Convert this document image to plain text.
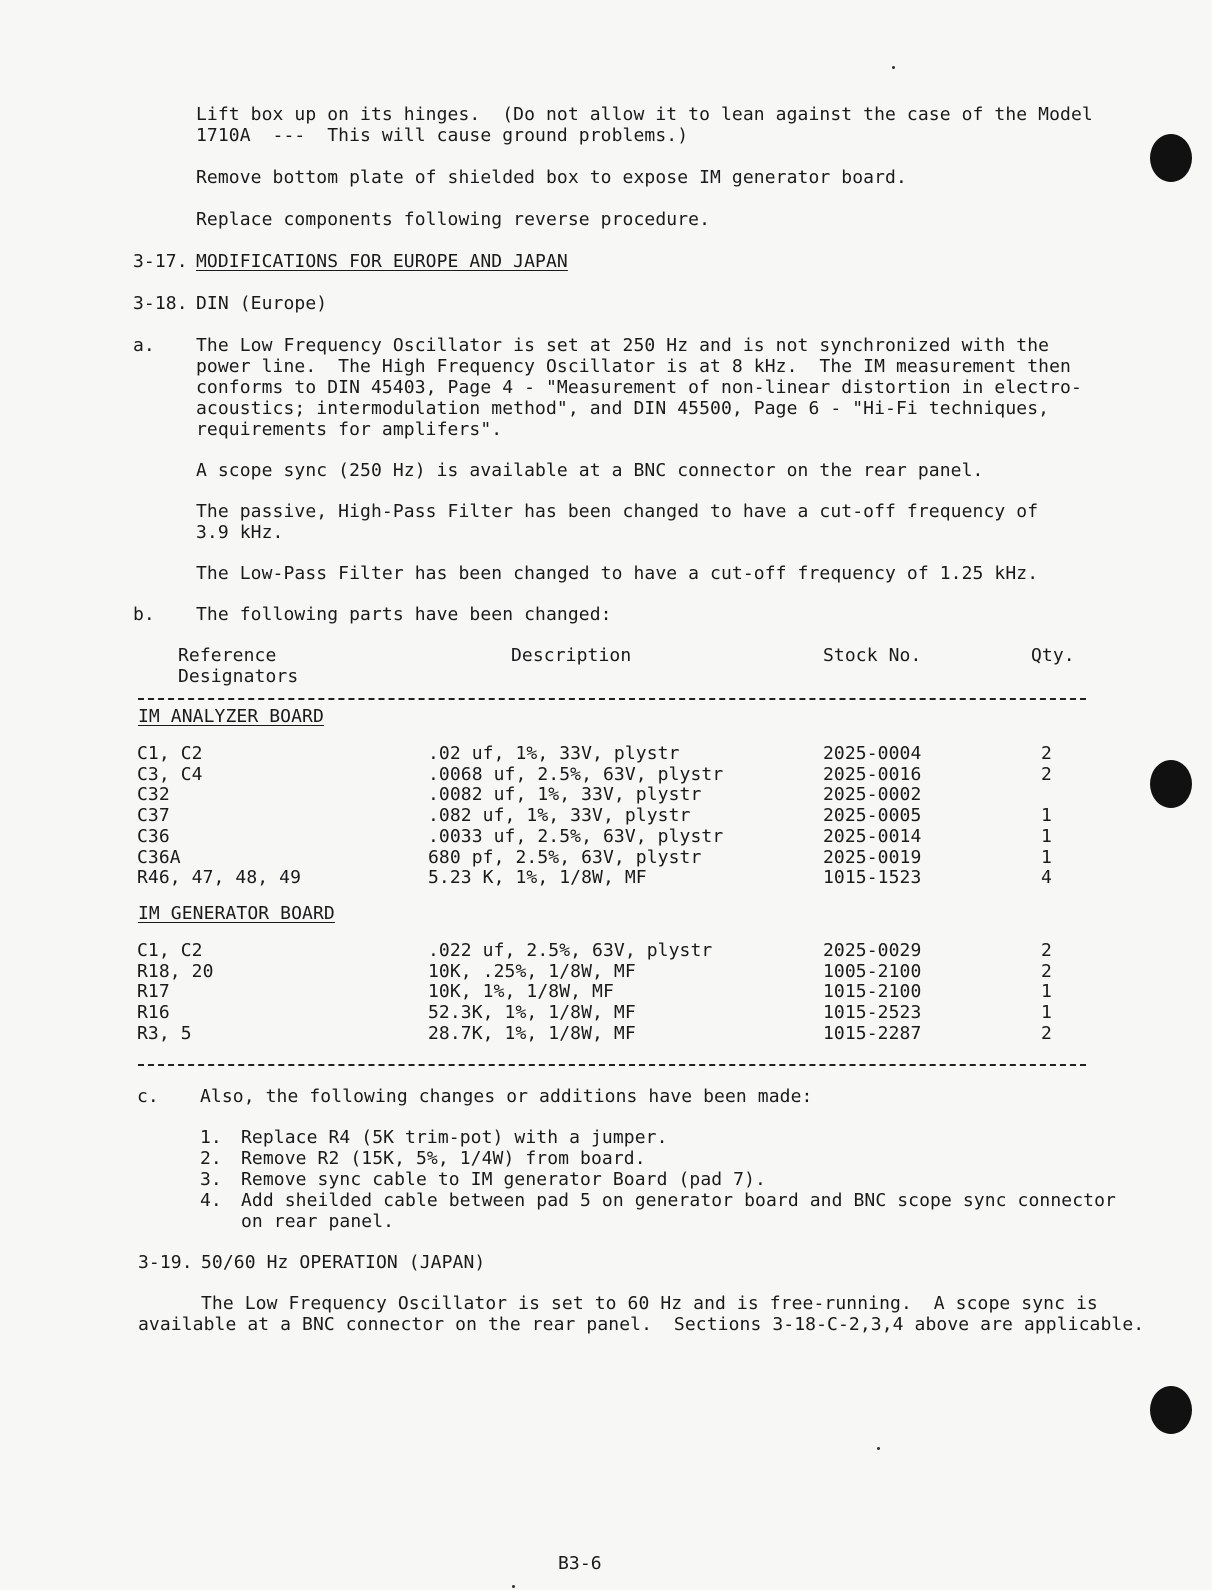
Lift box up on its hinges.  (Do not allow it to lean against the case of the Model
1710A  ---  This will cause ground problems.)
Remove bottom plate of shielded box to expose IM generator board.
Replace components following reverse procedure.
3-17. MODIFICATIONS FOR EUROPE AND JAPAN
3-18. DIN (Europe)
a. The Low Frequency Oscillator is set at 250 Hz and is not synchronized with the
power line.  The High Frequency Oscillator is at 8 kHz.  The IM measurement then
conforms to DIN 45403, Page 4 - "Measurement of non-linear distortion in electro-
acoustics; intermodulation method", and DIN 45500, Page 6 - "Hi-Fi techniques,
requirements for amplifers".
A scope sync (250 Hz) is available at a BNC connector on the rear panel.
The passive, High-Pass Filter has been changed to have a cut-off frequency of
3.9 kHz.
The Low-Pass Filter has been changed to have a cut-off frequency of 1.25 kHz.
b. The following parts have been changed:
Reference
Designators
Description	Stock No.	Qty.
IM ANALYZER BOARD
C1, C2	.02 uf, 1%, 33V, plystr	2025-0004	2
C3, C4	.0068 uf, 2.5%, 63V, plystr	2025-0016	2
C32	.0082 uf, 1%, 33V, plystr	2025-0002
C37	.082 uf, 1%, 33V, plystr	2025-0005	1
C36	.0033 uf, 2.5%, 63V, plystr	2025-0014	1
C36A	680 pf, 2.5%, 63V, plystr	2025-0019	1
R46, 47, 48, 49	5.23 K, 1%, 1/8W, MF	1015-1523	4
IM GENERATOR BOARD
C1, C2	.022 uf, 2.5%, 63V, plystr	2025-0029	2
R18, 20	10K, .25%, 1/8W, MF	1005-2100	2
R17	10K, 1%, 1/8W, MF	1015-2100	1
R16	52.3K, 1%, 1/8W, MF	1015-2523	1
R3, 5	28.7K, 1%, 1/8W, MF	1015-2287	2
c. Also, the following changes or additions have been made:
1. Replace R4 (5K trim-pot) with a jumper.
2. Remove R2 (15K, 5%, 1/4W) from board.
3. Remove sync cable to IM generator Board (pad 7).
4. Add sheilded cable between pad 5 on generator board and BNC scope sync connector
on rear panel.
3-19. 50/60 Hz OPERATION (JAPAN)
The Low Frequency Oscillator is set to 60 Hz and is free-running.  A scope sync is
available at a BNC connector on the rear panel.  Sections 3-18-C-2,3,4 above are applicable.
B3-6
